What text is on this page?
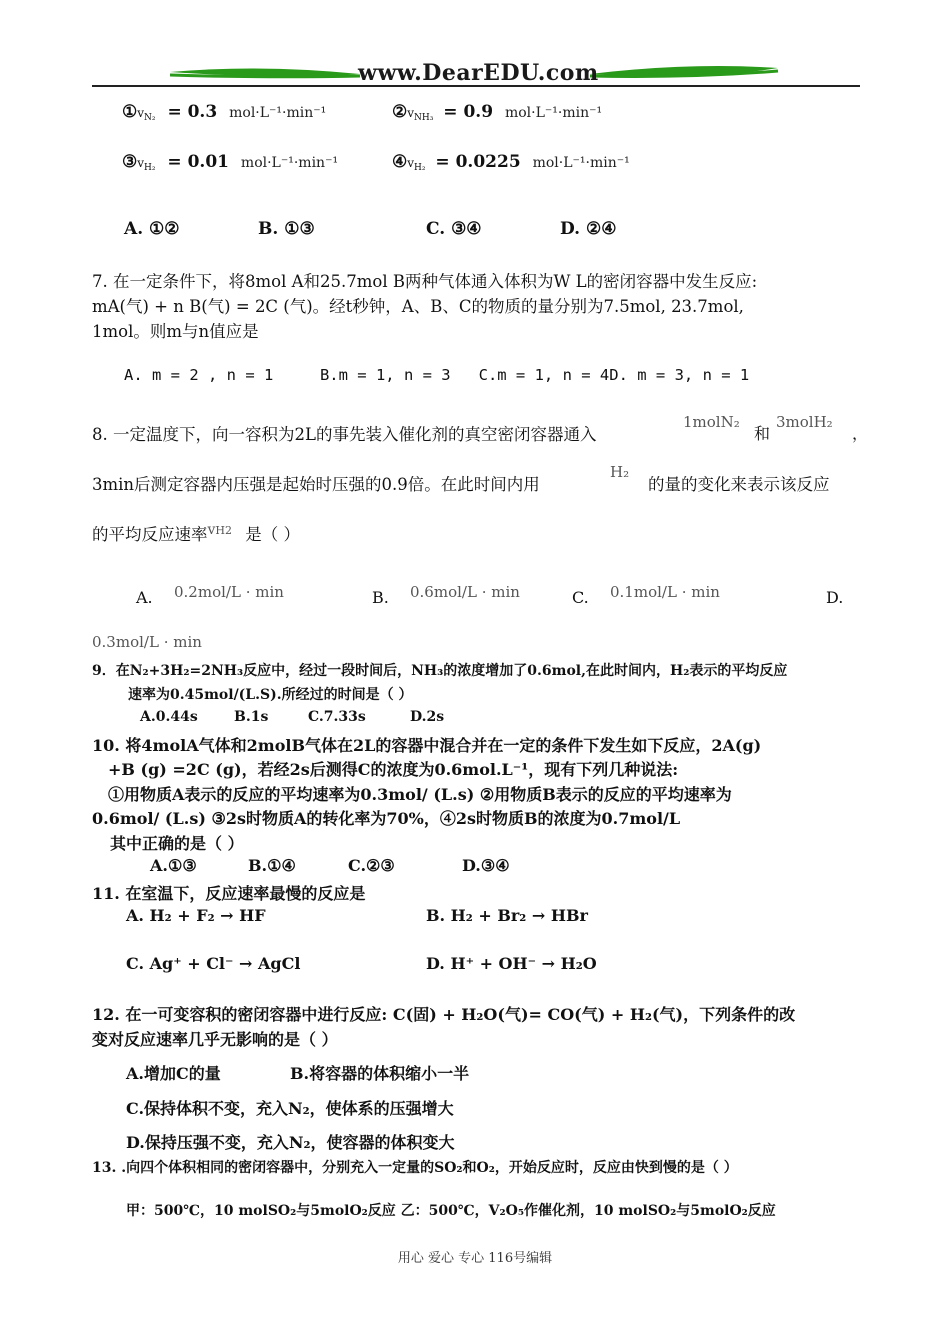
www.DearEDU.com
$①v_{N_2} = 0.3$ mol·L⁻¹·min⁻¹	$②v_{NH_3} = 0.9$ mol·L⁻¹·min⁻¹
$③v_{H_2} = 0.01$ mol·L⁻¹·min⁻¹	$④v_{H_2} = 0.0225$ mol·L⁻¹·min⁻¹
A. ①②	B. ①③	C. ③④	D. ②④
7. 在一定条件下，将8mol A和25.7mol B两种气体通入体积为W L的密闭容器中发生反应:
mA(气) + n B(气) = 2C (气)。经t秒钟，A、B、C的物质的量分别为7.5mol, 23.7mol,
1mol。则m与n值应是
A. m = 2 , n = 1     B.m = 1, n = 3   C.m = 1, n = 4D. m = 3, n = 1
8. 一定温度下，向一容积为2L的事先装入催化剂的真空密闭容器通入
1molN₂
和
3molH₂
，
3min后测定容器内压强是起始时压强的0.9倍。在此时间内用
H₂
的量的变化来表示该反应
的平均反应速率$^{vH2}$ 是（ ）
A. 0.2mol/L · min	B. 0.6mol/L · min	C. 0.1mol/L · min	D.
0.3mol/L · min
9．在N₂+3H₂=2NH₃反应中，经过一段时间后，NH₃的浓度增加了0.6mol,在此时间内，H₂表示的平均反应
速率为0.45mol/(L.S).所经过的时间是（ ）
A.0.44s	B.1s	C.7.33s	D.2s
10. 将4molA气体和2molB气体在2L的容器中混合并在一定的条件下发生如下反应，2A(g)
+B (g) =2C (g)，若经2s后测得C的浓度为0.6mol.L⁻¹，现有下列几种说法:
①用物质A表示的反应的平均速率为0.3mol/ (L.s) ②用物质B表示的反应的平均速率为
0.6mol/ (L.s) ③2s时物质A的转化率为70%，④2s时物质B的浓度为0.7mol/L
其中正确的是（ ）
A.①③	B.①④	C.②③	D.③④
11. 在室温下，反应速率最慢的反应是
A. H₂ + F₂ → HF	B. H₂ + Br₂ → HBr
C. Ag⁺ + Cl⁻ → AgCl	D. H⁺ + OH⁻ → H₂O
12. 在一可变容积的密闭容器中进行反应: C(固) + H₂O(气)= CO(气) + H₂(气)，下列条件的改
变对反应速率几乎无影响的是（ ）
A.增加C的量	B.将容器的体积缩小一半
C.保持体积不变，充入N₂，使体系的压强增大
D.保持压强不变，充入N₂，使容器的体积变大
13. .向四个体积相同的密闭容器中，分别充入一定量的SO₂和O₂，开始反应时，反应由快到慢的是（ ）
甲：500℃，10 molSO₂与5molO₂反应 乙：500℃，V₂O₅作催化剂，10 molSO₂与5molO₂反应
用心 爱心 专心 116号编辑
